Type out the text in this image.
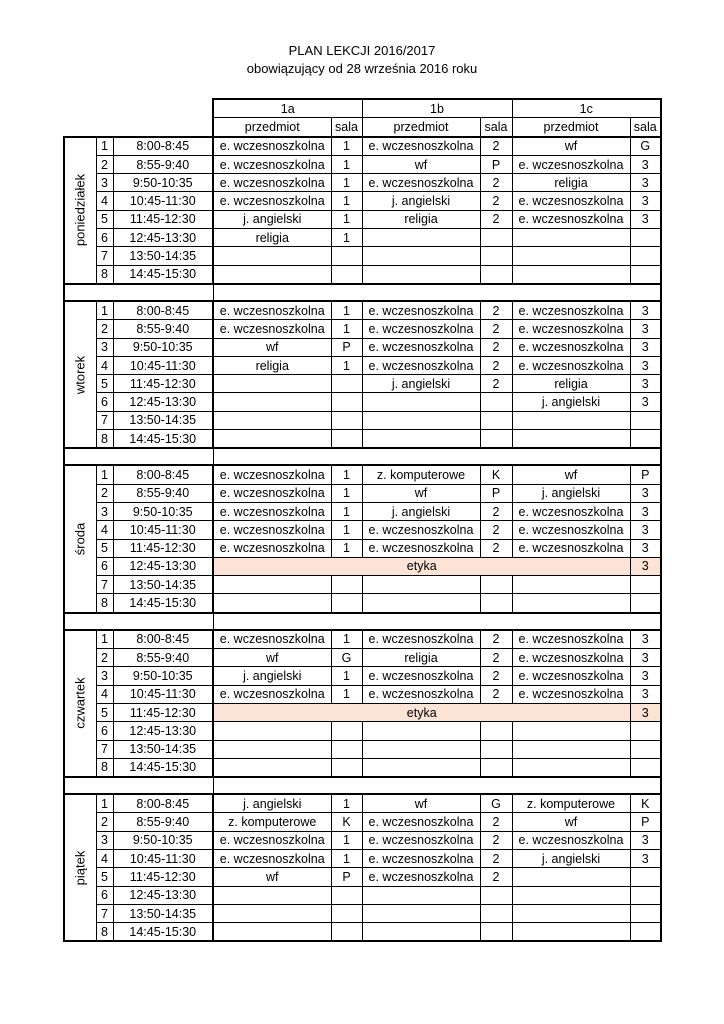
PLAN LEKCJI 2016/2017
obowiązujący od 28 września 2016 roku
			1a		1b		1c	
			przedmiot	sala	przedmiot	sala	przedmiot	sala

poniedziałek	1	8:00-8:45	e. wczesnoszkolna	1	e. wczesnoszkolna	2	wf	G
	2	8:55-9:40	e. wczesnoszkolna	1	wf	P	e. wczesnoszkolna	3
	3	9:50-10:35	e. wczesnoszkolna	1	e. wczesnoszkolna	2	religia	3
	4	10:45-11:30	e. wczesnoszkolna	1	j. angielski	2	e. wczesnoszkolna	3
	5	11:45-12:30	j. angielski	1	religia	2	e. wczesnoszkolna	3
	6	12:45-13:30	religia	1				
	7	13:50-14:35						
	8	14:45-15:30						

wtorek	1	8:00-8:45	e. wczesnoszkolna	1	e. wczesnoszkolna	2	e. wczesnoszkolna	3
	2	8:55-9:40	e. wczesnoszkolna	1	e. wczesnoszkolna	2	e. wczesnoszkolna	3
	3	9:50-10:35	wf	P	e. wczesnoszkolna	2	e. wczesnoszkolna	3
	4	10:45-11:30	religia	1	e. wczesnoszkolna	2	e. wczesnoszkolna	3
	5	11:45-12:30			j. angielski	2	religia	3
	6	12:45-13:30					j. angielski	3
	7	13:50-14:35						
	8	14:45-15:30						

środa	1	8:00-8:45	e. wczesnoszkolna	1	z. komputerowe	K	wf	P
	2	8:55-9:40	e. wczesnoszkolna	1	wf	P	j. angielski	3
	3	9:50-10:35	e. wczesnoszkolna	1	j. angielski	2	e. wczesnoszkolna	3
	4	10:45-11:30	e. wczesnoszkolna	1	e. wczesnoszkolna	2	e. wczesnoszkolna	3
	5	11:45-12:30	e. wczesnoszkolna	1	e. wczesnoszkolna	2	e. wczesnoszkolna	3
	6	12:45-13:30	etyka					3
	7	13:50-14:35						
	8	14:45-15:30						

czwartek	1	8:00-8:45	e. wczesnoszkolna	1	e. wczesnoszkolna	2	e. wczesnoszkolna	3
	2	8:55-9:40	wf	G	religia	2	e. wczesnoszkolna	3
	3	9:50-10:35	j. angielski	1	e. wczesnoszkolna	2	e. wczesnoszkolna	3
	4	10:45-11:30	e. wczesnoszkolna	1	e. wczesnoszkolna	2	e. wczesnoszkolna	3
	5	11:45-12:30	etyka					3
	6	12:45-13:30						
	7	13:50-14:35						
	8	14:45-15:30						

piątek	1	8:00-8:45	j. angielski	1	wf	G	z. komputerowe	K
	2	8:55-9:40	z. komputerowe	K	e. wczesnoszkolna	2	wf	P
	3	9:50-10:35	e. wczesnoszkolna	1	e. wczesnoszkolna	2	e. wczesnoszkolna	3
	4	10:45-11:30	e. wczesnoszkolna	1	e. wczesnoszkolna	2	j. angielski	3
	5	11:45-12:30	wf	P	e. wczesnoszkolna	2		
	6	12:45-13:30						
	7	13:50-14:35						
	8	14:45-15:30						
